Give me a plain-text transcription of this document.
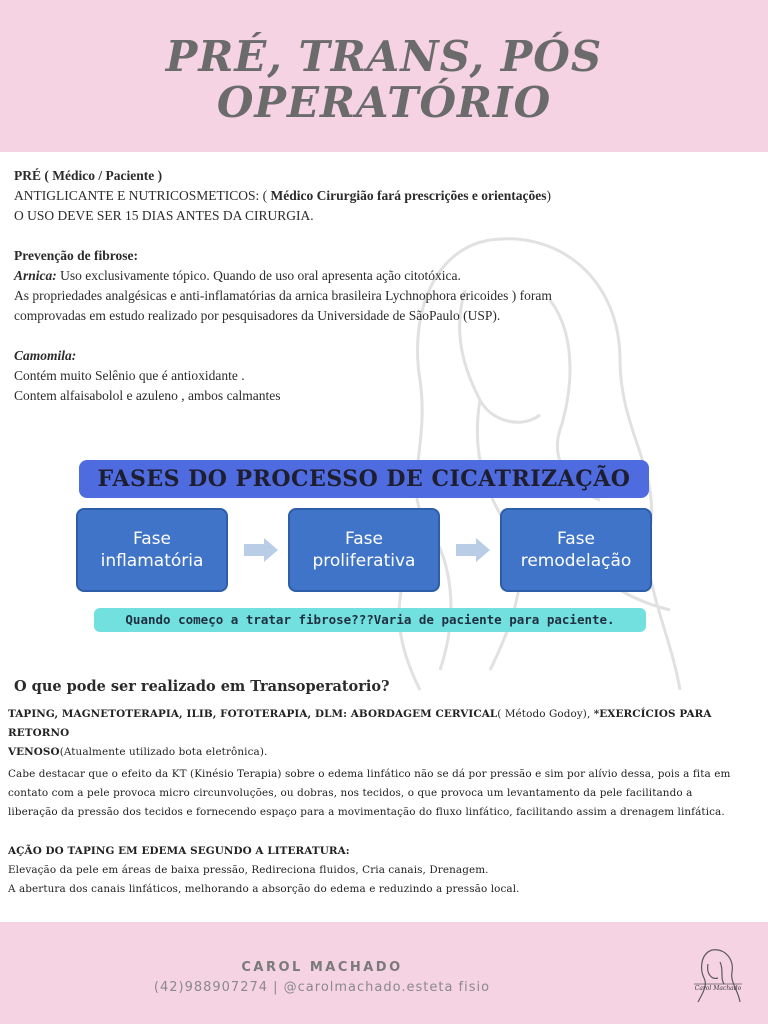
PRÉ, TRANS, PÓS
OPERATÓRIO

PRÉ ( Médico / Paciente )

ANTIGLICANTE E NUTRICOSMETICOS: ( Médico Cirurgião fará prescrições e orientações)

O USO DEVE SER 15 DIAS ANTES DA CIRURGIA.

Prevenção de fibrose:

Arnica: Uso exclusivamente tópico. Quando de uso oral apresenta ação citotóxica.

As propriedades analgésicas e anti-inflamatórias da arnica brasileira Lychnophora ericoides ) foram

comprovadas em estudo realizado por pesquisadores da Universidade de SãoPaulo (USP).

Camomila:

Contém muito Selênio que é antioxidante .

Contem alfaisabolol e azuleno , ambos calmantes

FASES DO PROCESSO DE CICATRIZAÇÃO
Fase
inflamatória
Fase
proliferativa
Fase
remodelação
Quando começo a tratar fibrose???Varia de paciente para paciente.
O que pode ser realizado em Transoperatorio?

TAPING, MAGNETOTERAPIA, ILIB, FOTOTERAPIA, DLM: ABORDAGEM CERVICAL( Método Godoy), *EXERCÍCIOS PARA RETORNO

VENOSO(Atualmente utilizado bota eletrônica).

Cabe destacar que o efeito da KT (Kinésio Terapia) sobre o edema linfático não se dá por pressão e sim por alívio dessa, pois a fita em

contato com a pele provoca micro circunvoluções, ou dobras, nos tecidos, o que provoca um levantamento da pele facilitando a

liberação da pressão dos tecidos e fornecendo espaço para a movimentação do fluxo linfático, facilitando assim a drenagem linfática.

AÇÃO DO TAPING EM EDEMA SEGUNDO A LITERATURA:

Elevação da pele em áreas de baixa pressão, Redireciona fluidos, Cria canais, Drenagem.

A abertura dos canais linfáticos, melhorando a absorção do edema e reduzindo a pressão local.

CAROL MACHADO
(42)988907274 | @carolmachado.esteta fisio	Carol Machado
